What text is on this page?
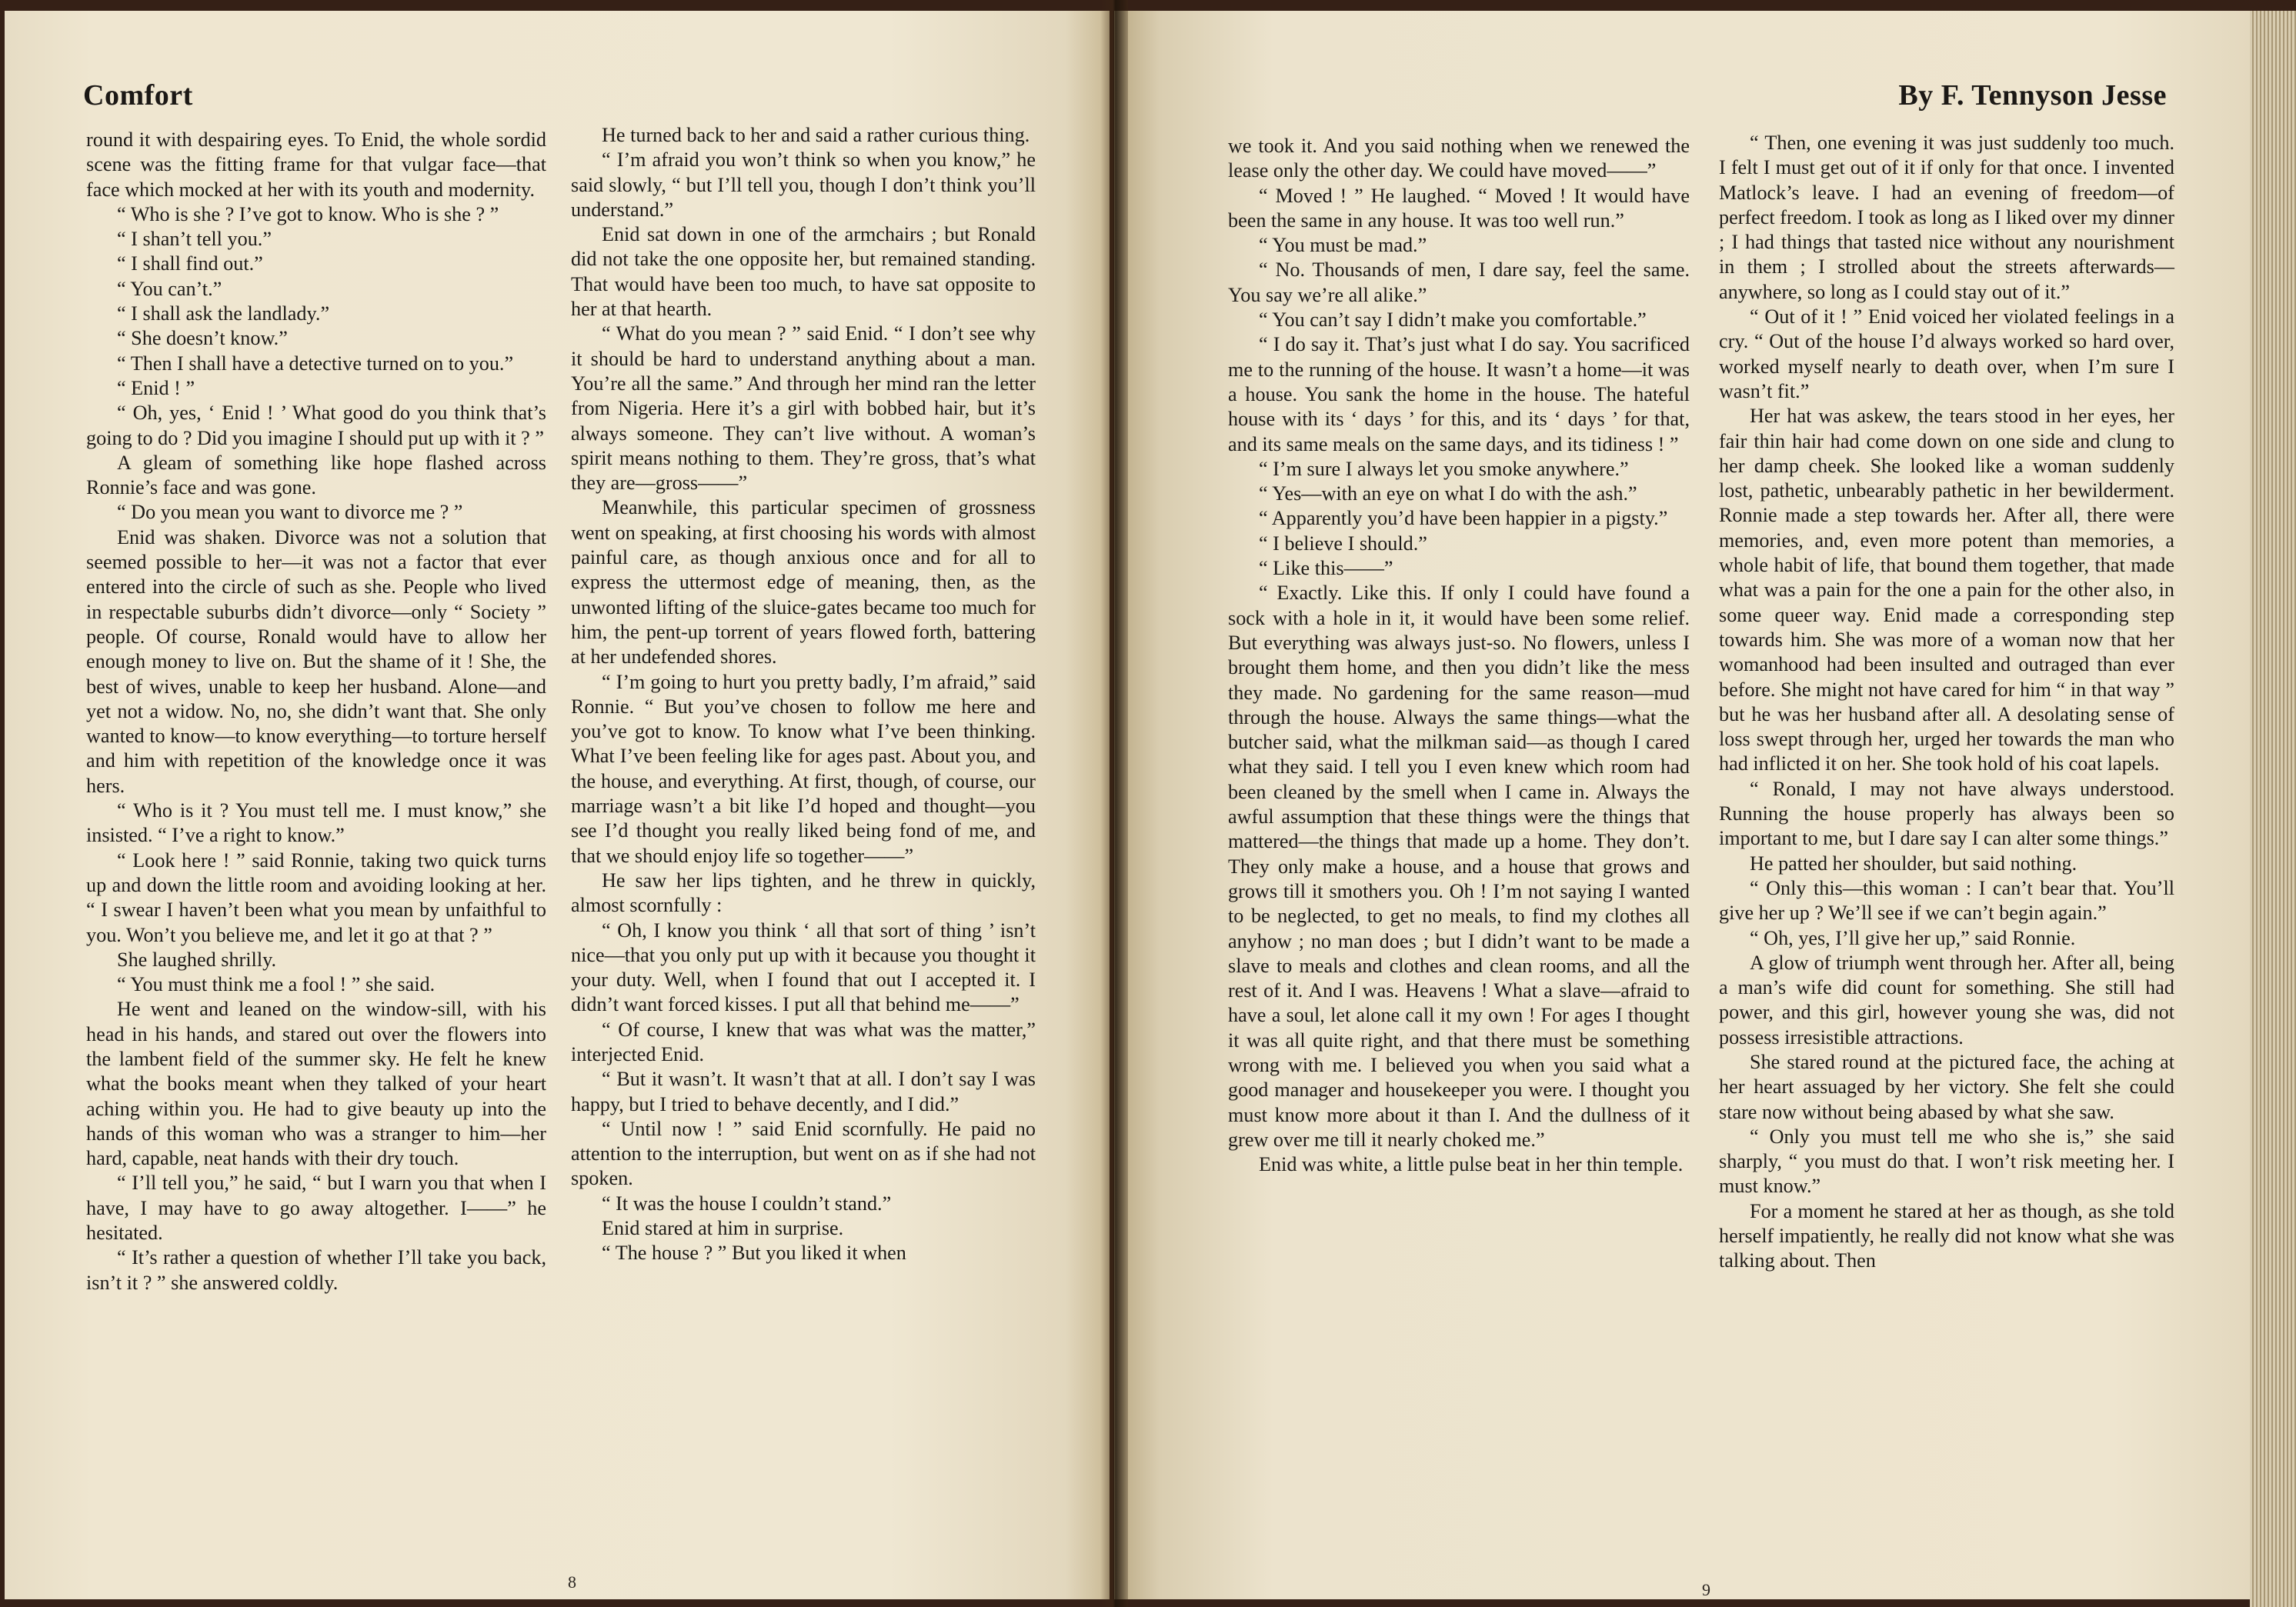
Comfort	By F. Tennyson Jesse

round it with despairing eyes. To Enid, the whole sordid scene was the fitting frame for that vulgar face—that face which mocked at her with its youth and modernity.

“ Who is she ? I’ve got to know. Who is she ? ”

“ I shan’t tell you.”

“ I shall find out.”

“ You can’t.”

“ I shall ask the landlady.”

“ She doesn’t know.”

“ Then I shall have a detective turned on to you.”

“ Enid ! ”

“ Oh, yes, ‘ Enid ! ’ What good do you think that’s going to do ? Did you imagine I should put up with it ? ”

A gleam of something like hope flashed across Ronnie’s face and was gone.

“ Do you mean you want to divorce me ? ”

Enid was shaken. Divorce was not a solution that seemed possible to her—it was not a factor that ever entered into the circle of such as she. People who lived in respectable suburbs didn’t divorce—only “ Society ” people. Of course, Ronald would have to allow her enough money to live on. But the shame of it ! She, the best of wives, unable to keep her husband. Alone—and yet not a widow. No, no, she didn’t want that. She only wanted to know—to know everything—to torture herself and him with repetition of the knowledge once it was hers.

“ Who is it ? You must tell me. I must know,” she insisted. “ I’ve a right to know.”

“ Look here ! ” said Ronnie, taking two quick turns up and down the little room and avoiding looking at her. “ I swear I haven’t been what you mean by unfaithful to you. Won’t you believe me, and let it go at that ? ”

She laughed shrilly.

“ You must think me a fool ! ” she said.

He went and leaned on the window-sill, with his head in his hands, and stared out over the flowers into the lambent field of the summer sky. He felt he knew what the books meant when they talked of your heart aching within you. He had to give beauty up into the hands of this woman who was a stranger to him—her hard, capable, neat hands with their dry touch.

“ I’ll tell you,” he said, “ but I warn you that when I have, I may have to go away altogether. I——” he hesitated.

“ It’s rather a question of whether I’ll take you back, isn’t it ? ” she answered coldly.

He turned back to her and said a rather curious thing.

“ I’m afraid you won’t think so when you know,” he said slowly, “ but I’ll tell you, though I don’t think you’ll understand.”

Enid sat down in one of the armchairs ; but Ronald did not take the one opposite her, but remained standing. That would have been too much, to have sat opposite to her at that hearth.

“ What do you mean ? ” said Enid. “ I don’t see why it should be hard to understand anything about a man. You’re all the same.” And through her mind ran the letter from Nigeria. Here it’s a girl with bobbed hair, but it’s always someone. They can’t live without. A woman’s spirit means nothing to them. They’re gross, that’s what they are—gross——”

Meanwhile, this particular specimen of grossness went on speaking, at first choosing his words with almost painful care, as though anxious once and for all to express the uttermost edge of meaning, then, as the unwonted lifting of the sluice-gates became too much for him, the pent-up torrent of years flowed forth, battering at her undefended shores.

“ I’m going to hurt you pretty badly, I’m afraid,” said Ronnie. “ But you’ve chosen to follow me here and you’ve got to know. To know what I’ve been thinking. What I’ve been feeling like for ages past. About you, and the house, and everything. At first, though, of course, our marriage wasn’t a bit like I’d hoped and thought—you see I’d thought you really liked being fond of me, and that we should enjoy life so together——”

He saw her lips tighten, and he threw in quickly, almost scornfully :

“ Oh, I know you think ‘ all that sort of thing ’ isn’t nice—that you only put up with it because you thought it your duty. Well, when I found that out I accepted it. I didn’t want forced kisses. I put all that behind me——”

“ Of course, I knew that was what was the matter,” interjected Enid.

“ But it wasn’t. It wasn’t that at all. I don’t say I was happy, but I tried to behave decently, and I did.”

“ Until now ! ” said Enid scornfully. He paid no attention to the interruption, but went on as if she had not spoken.

“ It was the house I couldn’t stand.”

Enid stared at him in surprise.

“ The house ? ” But you liked it when

we took it. And you said nothing when we renewed the lease only the other day. We could have moved——”

“ Moved ! ” He laughed. “ Moved ! It would have been the same in any house. It was too well run.”

“ You must be mad.”

“ No. Thousands of men, I dare say, feel the same. You say we’re all alike.”

“ You can’t say I didn’t make you comfortable.”

“ I do say it. That’s just what I do say. You sacrificed me to the running of the house. It wasn’t a home—it was a house. You sank the home in the house. The hateful house with its ‘ days ’ for this, and its ‘ days ’ for that, and its same meals on the same days, and its tidiness ! ”

“ I’m sure I always let you smoke anywhere.”

“ Yes—with an eye on what I do with the ash.”

“ Apparently you’d have been happier in a pigsty.”

“ I believe I should.”

“ Like this——”

“ Exactly. Like this. If only I could have found a sock with a hole in it, it would have been some relief. But everything was always just-so. No flowers, unless I brought them home, and then you didn’t like the mess they made. No gardening for the same reason—mud through the house. Always the same things—what the butcher said, what the milkman said—as though I cared what they said. I tell you I even knew which room had been cleaned by the smell when I came in. Always the awful assumption that these things were the things that mattered—the things that made up a home. They don’t. They only make a house, and a house that grows and grows till it smothers you. Oh ! I’m not saying I wanted to be neglected, to get no meals, to find my clothes all anyhow ; no man does ; but I didn’t want to be made a slave to meals and clothes and clean rooms, and all the rest of it. And I was. Heavens ! What a slave—afraid to have a soul, let alone call it my own ! For ages I thought it was all quite right, and that there must be something wrong with me. I believed you when you said what a good manager and housekeeper you were. I thought you must know more about it than I. And the dullness of it grew over me till it nearly choked me.”

Enid was white, a little pulse beat in her thin temple.

“ Then, one evening it was just suddenly too much. I felt I must get out of it if only for that once. I invented Matlock’s leave. I had an evening of freedom—of perfect freedom. I took as long as I liked over my dinner ; I had things that tasted nice without any nourishment in them ; I strolled about the streets afterwards—anywhere, so long as I could stay out of it.”

“ Out of it ! ” Enid voiced her violated feelings in a cry. “ Out of the house I’d always worked so hard over, worked myself nearly to death over, when I’m sure I wasn’t fit.”

Her hat was askew, the tears stood in her eyes, her fair thin hair had come down on one side and clung to her damp cheek. She looked like a woman suddenly lost, pathetic, unbearably pathetic in her bewilderment. Ronnie made a step towards her. After all, there were memories, and, even more potent than memories, a whole habit of life, that bound them together, that made what was a pain for the one a pain for the other also, in some queer way. Enid made a corresponding step towards him. She was more of a woman now that her womanhood had been insulted and outraged than ever before. She might not have cared for him “ in that way ” but he was her husband after all. A desolating sense of loss swept through her, urged her towards the man who had inflicted it on her. She took hold of his coat lapels.

“ Ronald, I may not have always understood. Running the house properly has always been so important to me, but I dare say I can alter some things.”

He patted her shoulder, but said nothing.

“ Only this—this woman : I can’t bear that. You’ll give her up ? We’ll see if we can’t begin again.”

“ Oh, yes, I’ll give her up,” said Ronnie.

A glow of triumph went through her. After all, being a man’s wife did count for something. She still had power, and this girl, however young she was, did not possess irresistible attractions.

She stared round at the pictured face, the aching at her heart assuaged by her victory. She felt she could stare now without being abased by what she saw.

“ Only you must tell me who she is,” she said sharply, “ you must do that. I won’t risk meeting her. I must know.”

For a moment he stared at her as though, as she told herself impatiently, he really did not know what she was talking about. Then

8	9
